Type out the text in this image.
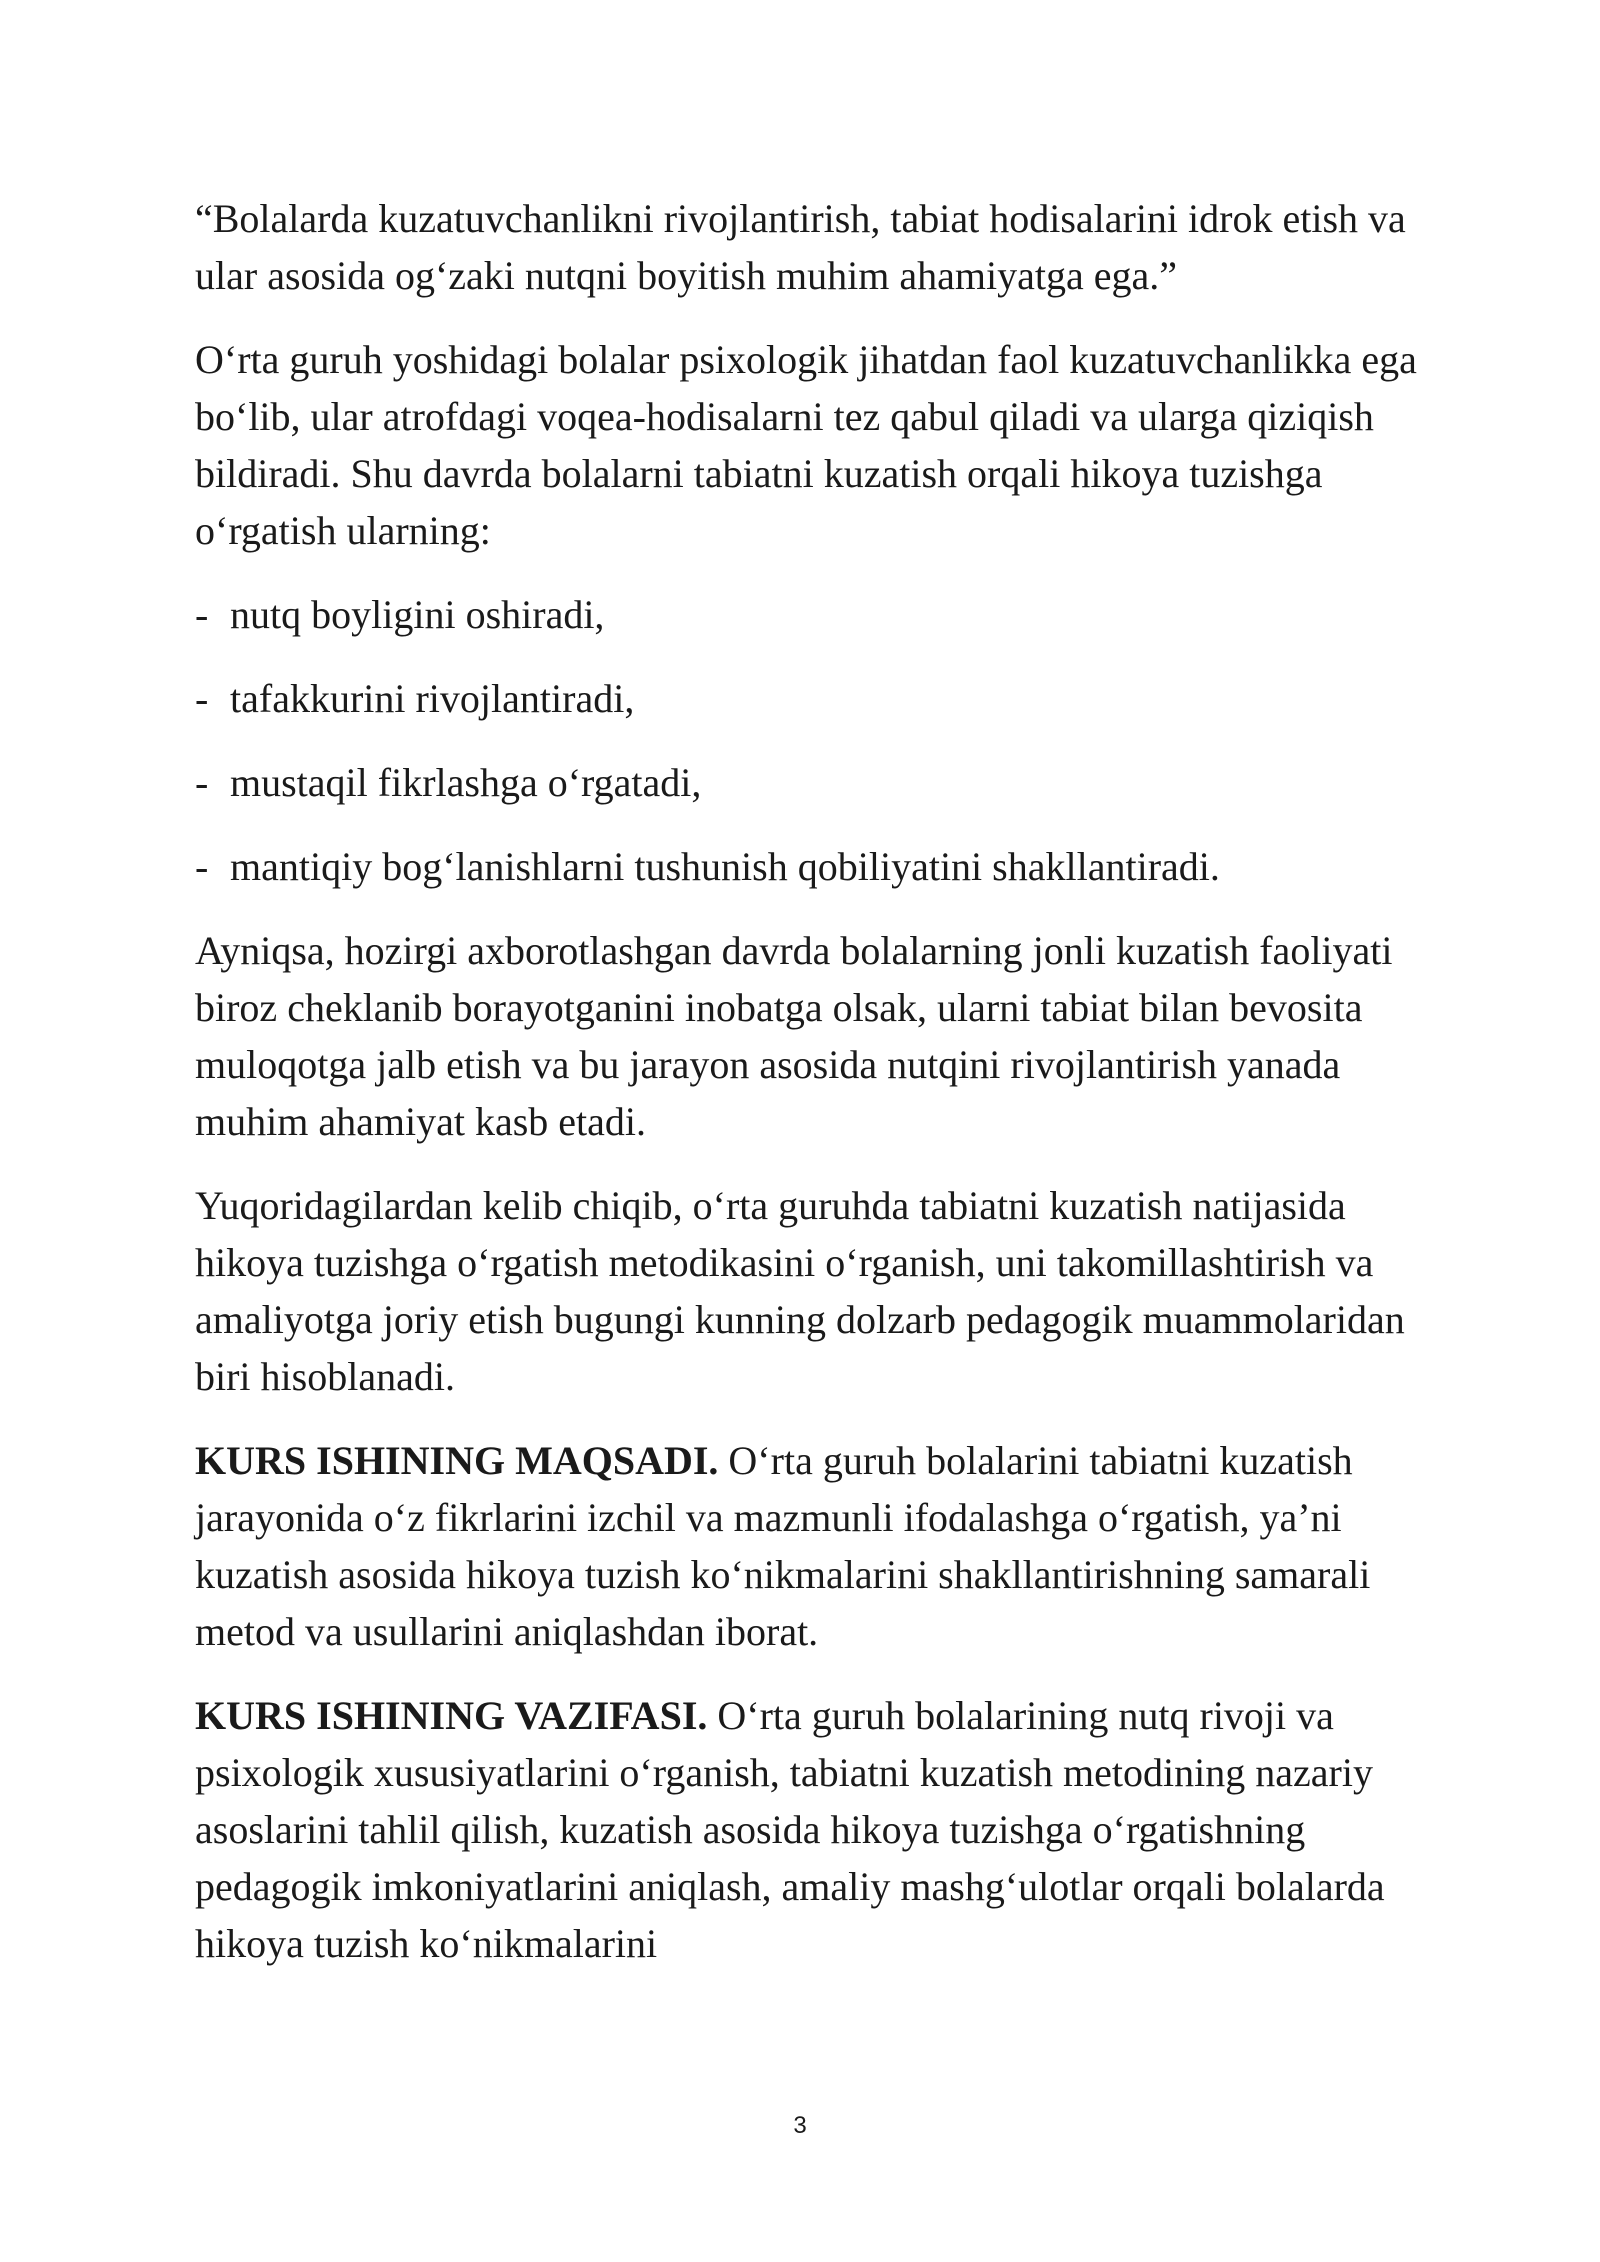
“Bolalarda kuzatuvchanlikni rivojlantirish, tabiat hodisalarini idrok etish va ular asosida og‘zaki nutqni boyitish muhim ahamiyatga ega.”

O‘rta guruh yoshidagi bolalar psixologik jihatdan faol kuzatuvchanlikka ega bo‘lib, ular atrofdagi voqea-hodisalarni tez qabul qiladi va ularga qiziqish bildiradi. Shu davrda bolalarni tabiatni kuzatish orqali hikoya tuzishga o‘rgatish ularning:

- nutq boyligini oshiradi,
- tafakkurini rivojlantiradi,
- mustaqil fikrlashga o‘rgatadi,
- mantiqiy bog‘lanishlarni tushunish qobiliyatini shakllantiradi.

Ayniqsa, hozirgi axborotlashgan davrda bolalarning jonli kuzatish faoliyati biroz cheklanib borayotganini inobatga olsak, ularni tabiat bilan bevosita muloqotga jalb etish va bu jarayon asosida nutqini rivojlantirish yanada muhim ahamiyat kasb etadi.

Yuqoridagilardan kelib chiqib, o‘rta guruhda tabiatni kuzatish natijasida hikoya tuzishga o‘rgatish metodikasini o‘rganish, uni takomillashtirish va amaliyotga joriy etish bugungi kunning dolzarb pedagogik muammolaridan biri hisoblanadi.

KURS ISHINING MAQSADI. O‘rta guruh bolalarini tabiatni kuzatish jarayonida o‘z fikrlarini izchil va mazmunli ifodalashga o‘rgatish, ya’ni kuzatish asosida hikoya tuzish ko‘nikmalarini shakllantirishning samarali metod va usullarini aniqlashdan iborat.

KURS ISHINING VAZIFASI. O‘rta guruh bolalarining nutq rivoji va psixologik xususiyatlarini o‘rganish, tabiatni kuzatish metodining nazariy asoslarini tahlil qilish, kuzatish asosida hikoya tuzishga o‘rgatishning pedagogik imkoniyatlarini aniqlash, amaliy mashg‘ulotlar orqali bolalarda hikoya tuzish ko‘nikmalarini

3
